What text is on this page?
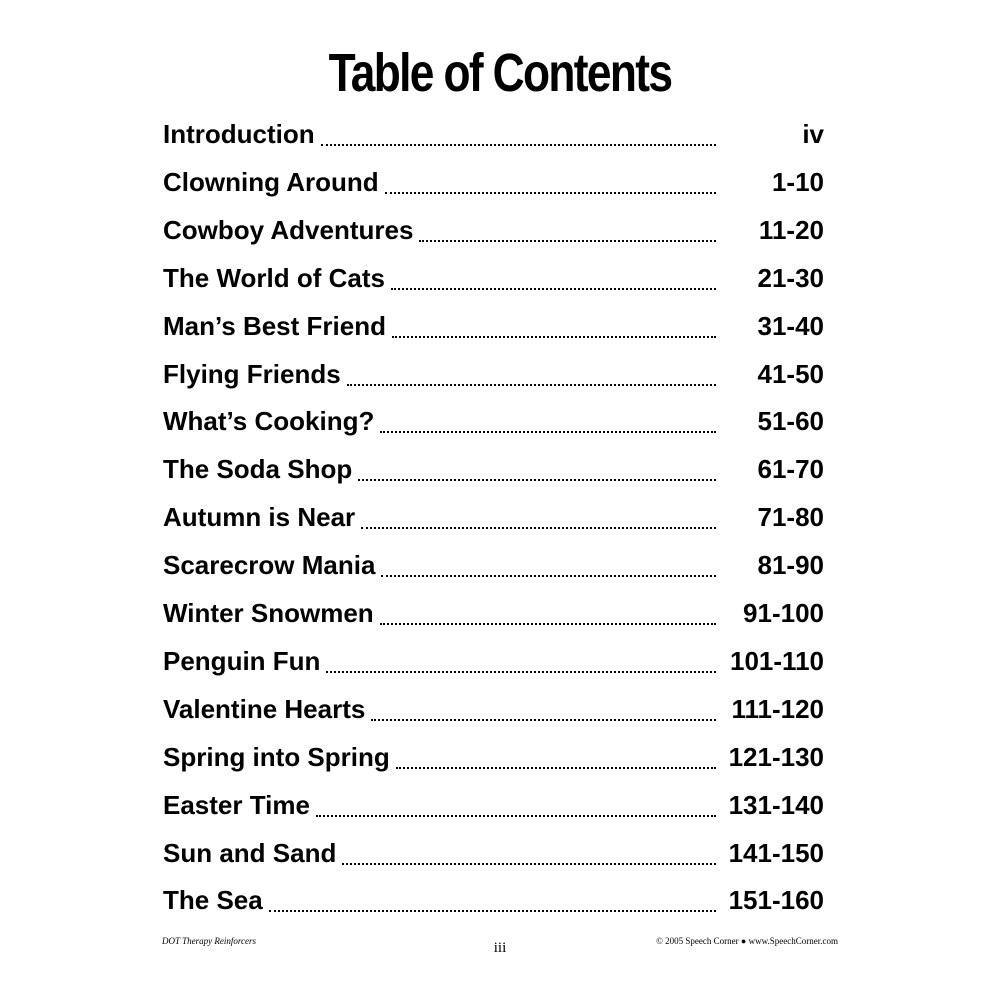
Table of Contents
Introduction	iv
Clowning Around	1-10
Cowboy Adventures	11-20
The World of Cats	21-30
Man’s Best Friend	31-40
Flying Friends	41-50
What’s Cooking?	51-60
The Soda Shop	61-70
Autumn is Near	71-80
Scarecrow Mania	81-90
Winter Snowmen	91-100
Penguin Fun	101-110
Valentine Hearts	111-120
Spring into Spring	121-130
Easter Time	131-140
Sun and Sand	141-150
The Sea	151-160
DOT Therapy Reinforcers	iii	© 2005 Speech Corner ● www.SpeechCorner.com
